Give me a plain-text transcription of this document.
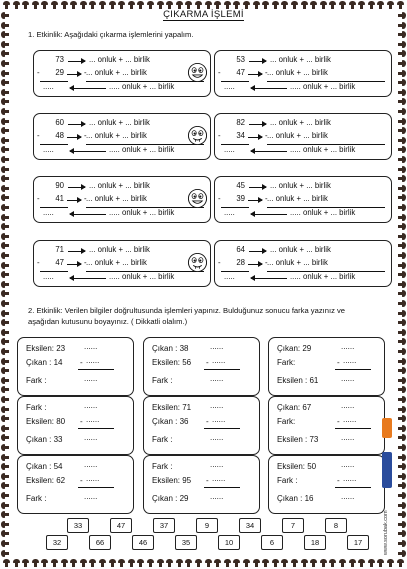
ÇIKARMA İŞLEMİ
1. Etkinlik: Aşağıdaki çıkarma işlemlerini yapalım.
73	... onluk + ... birlik
-	29	... onluk + ... birlik
-
.....	..... onluk + ... birlik
53	... onluk + ... birlik
-	47	... onluk + ... birlik
-
.....	..... onluk + ... birlik
60	... onluk + ... birlik
-	48	... onluk + ... birlik
-
.....	..... onluk + ... birlik
82	... onluk + ... birlik
-	34	... onluk + ... birlik
-
.....	..... onluk + ... birlik
90	... onluk + ... birlik
-	41	... onluk + ... birlik
-
.....	..... onluk + ... birlik
45	... onluk + ... birlik
-	39	... onluk + ... birlik
-
.....	..... onluk + ... birlik
71	... onluk + ... birlik
-	47	... onluk + ... birlik
-
.....	..... onluk + ... birlik
64	... onluk + ... birlik
-	28	... onluk + ... birlik
-
.....	..... onluk + ... birlik
2. Etkinlik: Verilen bilgiler doğrultusunda işlemleri yapınız. Bulduğunuz sonucu farka yazınız ve
aşağıdan kutusunu boyayınız. ( Dikkatli olalım.)
Eksilen: 23
Çıkan : 14
Fark :
......
......
-
......
Çıkan : 38
Eksilen: 56
Fark :
......
......
-
......
Çıkan: 29
Fark:
Eksilen : 61
......
......
-
......
Fark :
Eksilen: 80
Çıkan : 33
......
......
-
......
Eksilen: 71
Çıkan : 36
Fark :
......
......
-
......
Çıkan: 67
Fark:
Eksilen : 73
......
......
-
......
Çıkan : 54
Eksilen: 62
Fark :
......
......
-
......
Fark :
Eksilen: 95
Çıkan : 29
......
......
-
......
Eksilen: 50
Fark :
Çıkan : 16
......
......
-
......
33	47	37	9	34	7	8
32	66	46	35	10	6	18	17	www.sorubak.com
